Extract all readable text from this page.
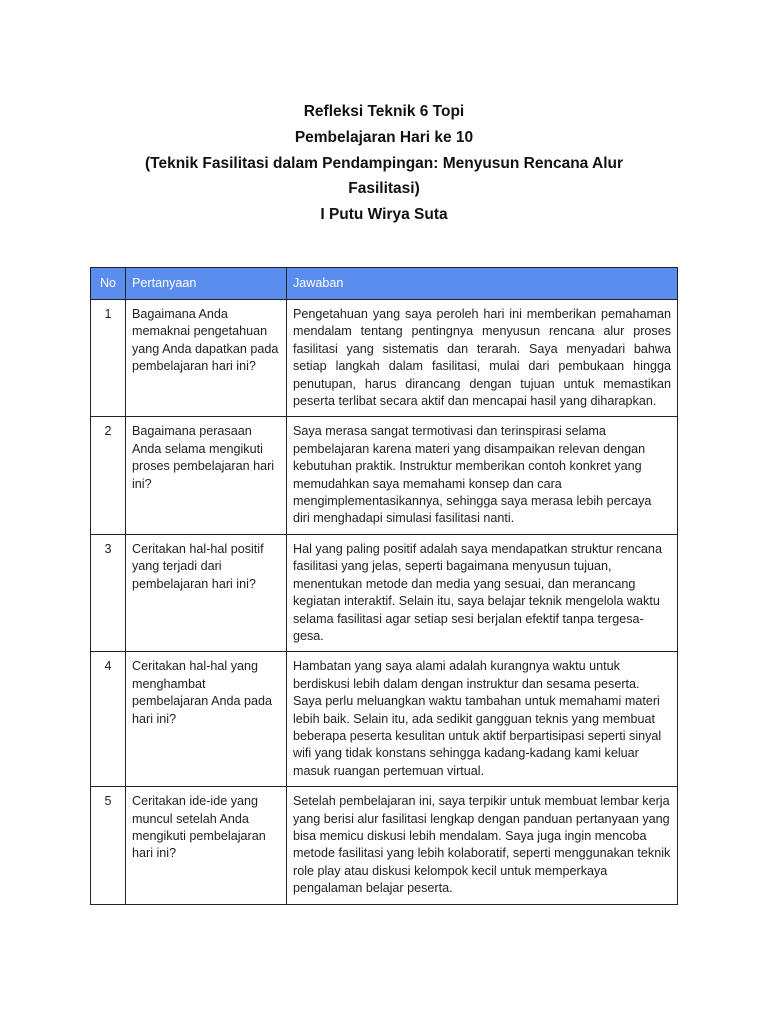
Refleksi Teknik 6 Topi
Pembelajaran Hari ke 10
(Teknik Fasilitasi dalam Pendampingan: Menyusun Rencana Alur
Fasilitasi)
I Putu Wirya Suta
No	Pertanyaan	Jawaban
1	Bagaimana Anda memaknai pengetahuan yang Anda dapatkan pada pembelajaran hari ini?	Pengetahuan yang saya peroleh hari ini memberikan pemahaman mendalam tentang pentingnya menyusun rencana alur proses fasilitasi yang sistematis dan terarah. Saya menyadari bahwa setiap langkah dalam fasilitasi, mulai dari pembukaan hingga penutupan, harus dirancang dengan tujuan untuk memastikan peserta terlibat secara aktif dan mencapai hasil yang diharapkan.
2	Bagaimana perasaan Anda selama mengikuti proses pembelajaran hari ini?	Saya merasa sangat termotivasi dan terinspirasi selama pembelajaran karena materi yang disampaikan relevan dengan kebutuhan praktik. Instruktur memberikan contoh konkret yang memudahkan saya memahami konsep dan cara mengimplementasikannya, sehingga saya merasa lebih percaya diri menghadapi simulasi fasilitasi nanti.
3	Ceritakan hal-hal positif yang terjadi dari pembelajaran hari ini?	Hal yang paling positif adalah saya mendapatkan struktur rencana fasilitasi yang jelas, seperti bagaimana menyusun tujuan, menentukan metode dan media yang sesuai, dan merancang kegiatan interaktif. Selain itu, saya belajar teknik mengelola waktu selama fasilitasi agar setiap sesi berjalan efektif tanpa tergesa-gesa.
4	Ceritakan hal-hal yang menghambat pembelajaran Anda pada hari ini?	Hambatan yang saya alami adalah kurangnya waktu untuk berdiskusi lebih dalam dengan instruktur dan sesama peserta. Saya perlu meluangkan waktu tambahan untuk memahami materi lebih baik. Selain itu, ada sedikit gangguan teknis yang membuat beberapa peserta kesulitan untuk aktif berpartisipasi seperti sinyal wifi yang tidak konstans sehingga kadang-kadang kami keluar masuk ruangan pertemuan virtual.
5	Ceritakan ide-ide yang muncul setelah Anda mengikuti pembelajaran hari ini?	Setelah pembelajaran ini, saya terpikir untuk membuat lembar kerja yang berisi alur fasilitasi lengkap dengan panduan pertanyaan yang bisa memicu diskusi lebih mendalam. Saya juga ingin mencoba metode fasilitasi yang lebih kolaboratif, seperti menggunakan teknik role play atau diskusi kelompok kecil untuk memperkaya pengalaman belajar peserta.
